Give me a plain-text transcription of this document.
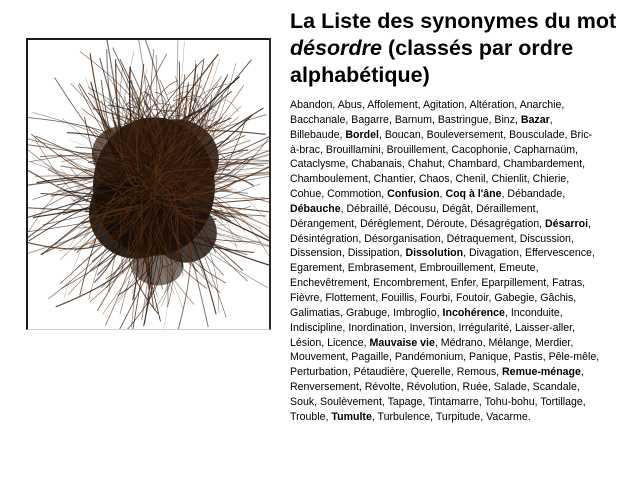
La Liste des synonymes du mot désordre (classés par ordre alphabétique)

Abandon, Abus, Affolement, Agitation, Altération, Anarchie, Bacchanale, Bagarre, Barnum, Bastringue, Binz, Bazar, Billebaude, Bordel, Boucan, Bouleversement, Bousculade, Bric-à-brac, Brouillamini, Brouillement, Cacophonie, Capharnaüm, Cataclysme, Chabanais, Chahut, Chambard, Chambardement, Chamboulement, Chantier, Chaos, Chenil, Chienlit, Chierie, Cohue, Commotion, Confusion, Coq à l'âne, Débandade, Débauche, Débraillé, Décousu, Dégât, Déraillement, Dérangement, Dérèglement, Déroute, Désagrégation, Désarroi, Désintégration, Désorganisation, Détraquement, Discussion, Dissension, Dissipation, Dissolution, Divagation, Effervescence, Egarement, Embrasement, Embrouillement, Emeute, Enchevêtrement, Encombrement, Enfer, Eparpillement, Fatras, Fièvre, Flottement, Fouillis, Fourbi, Foutoir, Gabegie, Gâchis, Galimatias, Grabuge, Imbroglio, Incohérence, Inconduite, Indiscipline, Inordination, Inversion, Irrégularité, Laisser-aller, Lésion, Licence, Mauvaise vie, Médrano, Mélange, Merdier, Mouvement, Pagaille, Pandémonium, Panique, Pastis, Pêle-mêle, Perturbation, Pétaudière, Querelle, Remous, Remue-ménage, Renversement, Révolte, Révolution, Ruée, Salade, Scandale, Souk, Soulèvement, Tapage, Tintamarre, Tohu-bohu, Tortillage, Trouble, Tumulte, Turbulence, Turpitude, Vacarme.
